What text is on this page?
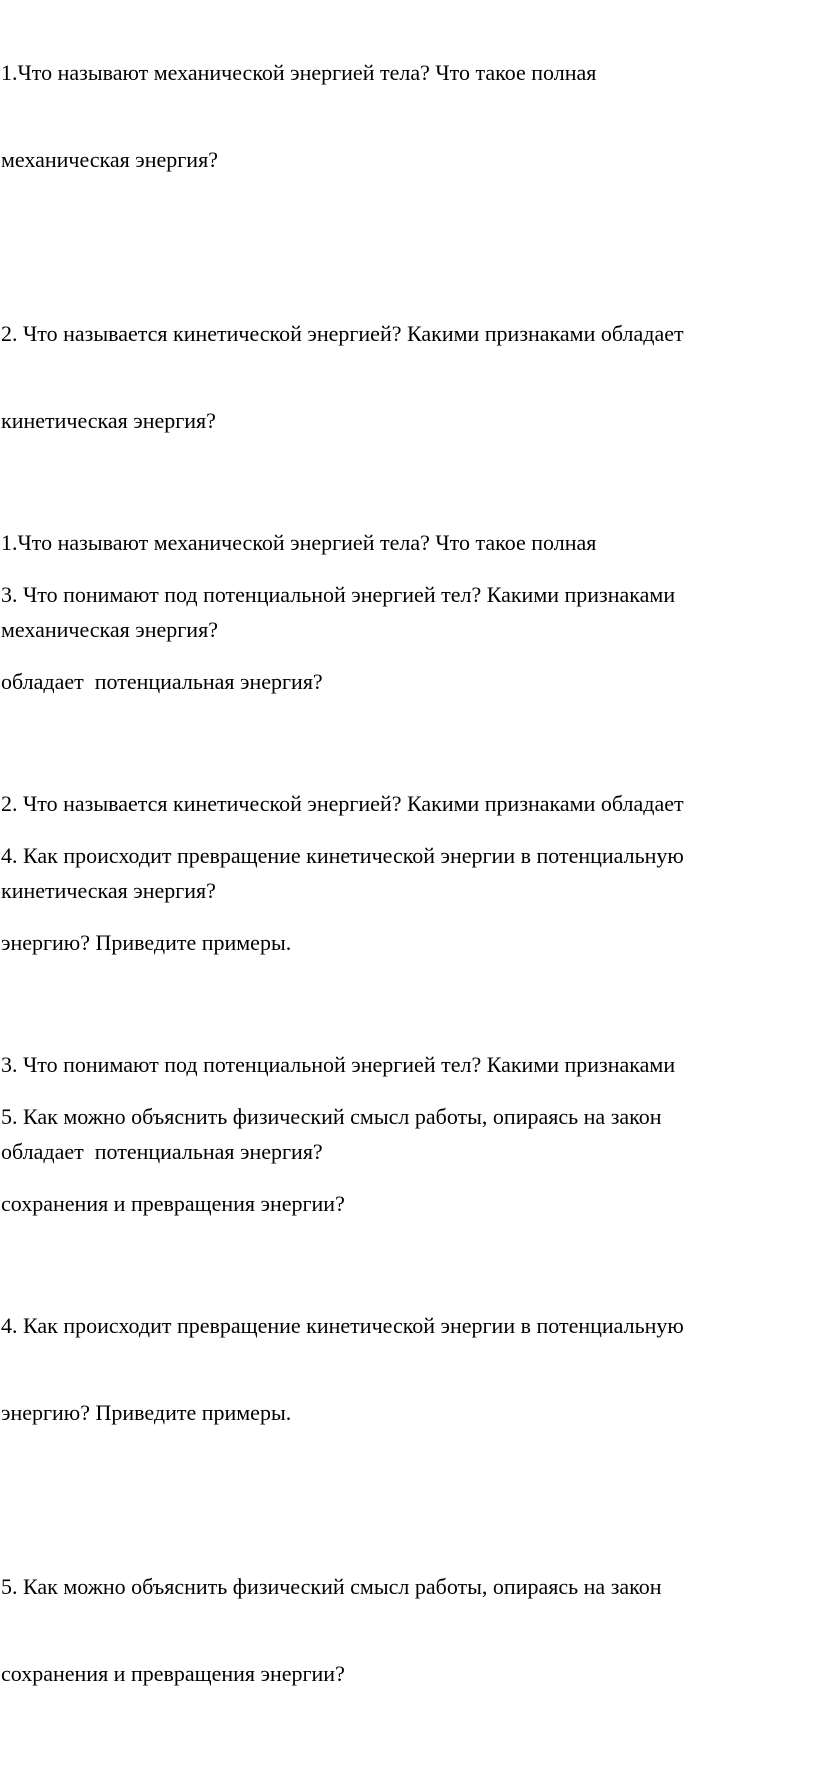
1.Что называют механической энергией тела? Что такое полная

механическая энергия?

2. Что называется кинетической энергией? Какими признаками обладает

кинетическая энергия?

3. Что понимают под потенциальной энергией тел? Какими признаками

обладает  потенциальная энергия?

4. Как происходит превращение кинетической энергии в потенциальную

энергию? Приведите примеры.

5. Как можно объяснить физический смысл работы, опираясь на закон

сохранения и превращения энергии?

1.Что называют механической энергией тела? Что такое полная

механическая энергия?

2. Что называется кинетической энергией? Какими признаками обладает

кинетическая энергия?

3. Что понимают под потенциальной энергией тел? Какими признаками

обладает  потенциальная энергия?

4. Как происходит превращение кинетической энергии в потенциальную

энергию? Приведите примеры.

5. Как можно объяснить физический смысл работы, опираясь на закон

сохранения и превращения энергии?
